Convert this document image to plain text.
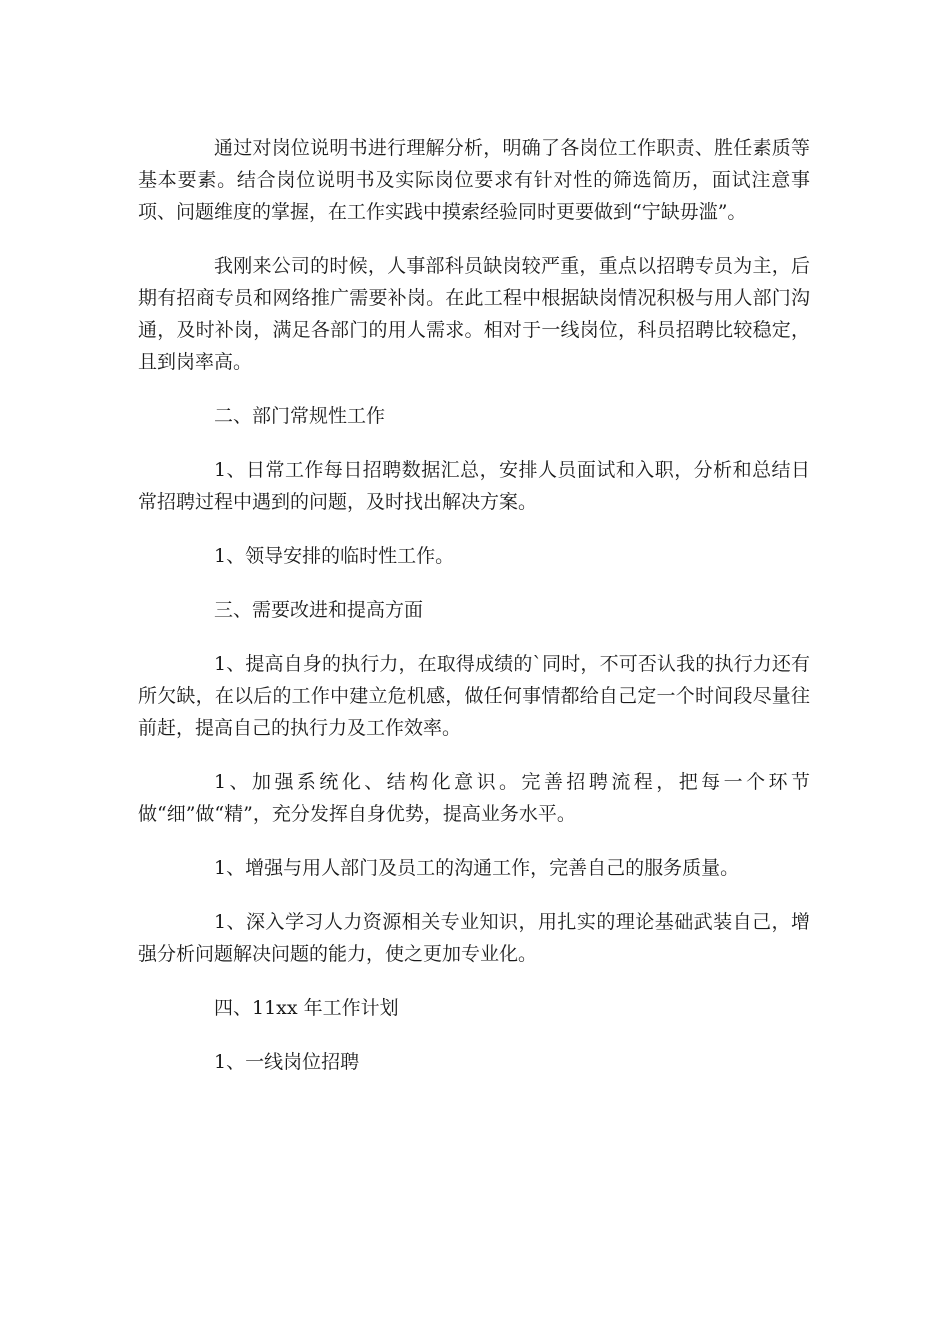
通过对岗位说明书进行理解分析，明确了各岗位工作职责、胜任素质等基本要素。结合岗位说明书及实际岗位要求有针对性的筛选简历，面试注意事项、问题维度的掌握，在工作实践中摸索经验同时更要做到“宁缺毋滥”。

我刚来公司的时候，人事部科员缺岗较严重，重点以招聘专员为主，后期有招商专员和网络推广需要补岗。在此工程中根据缺岗情况积极与用人部门沟通，及时补岗，满足各部门的用人需求。相对于一线岗位，科员招聘比较稳定，且到岗率高。

二、部门常规性工作

1、日常工作每日招聘数据汇总，安排人员面试和入职，分析和总结日常招聘过程中遇到的问题，及时找出解决方案。

1、领导安排的临时性工作。

三、需要改进和提高方面

1、提高自身的执行力，在取得成绩的`同时，不可否认我的执行力还有所欠缺，在以后的工作中建立危机感，做任何事情都给自己定一个时间段尽量往前赶，提高自己的执行力及工作效率。

1、加强系统化、结构化意识。完善招聘流程，把每一个环节做“细”做“精”，充分发挥自身优势，提高业务水平。

1、增强与用人部门及员工的沟通工作，完善自己的服务质量。

1、深入学习人力资源相关专业知识，用扎实的理论基础武装自己，增强分析问题解决问题的能力，使之更加专业化。

四、11xx 年工作计划

1、一线岗位招聘
